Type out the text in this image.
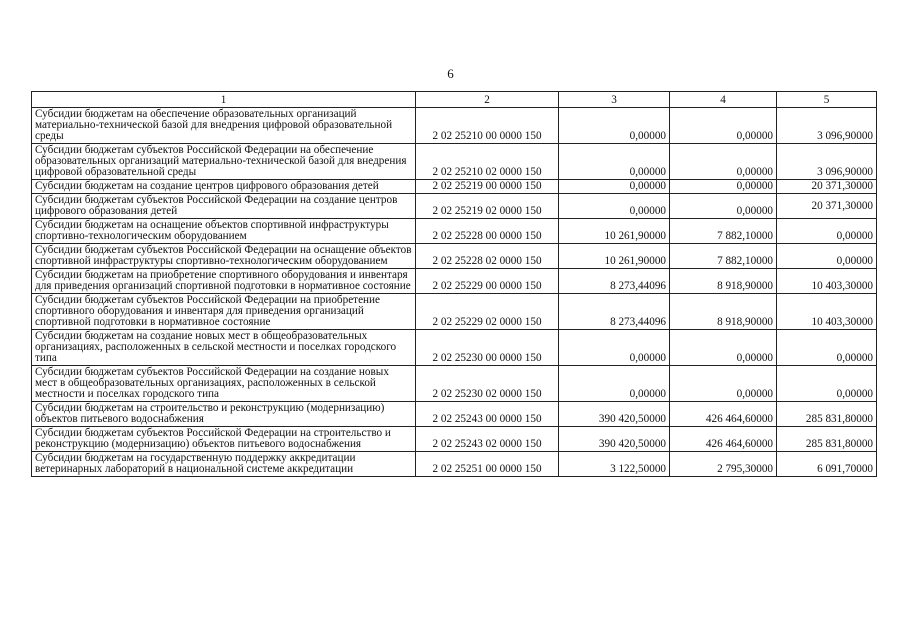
6
1	2	3	4	5
Субсидии бюджетам на обеспечение образовательных организаций материально-технической базой для внедрения цифровой образовательной среды	2 02 25210 00 0000 150	0,00000	0,00000	3 096,90000
Субсидии бюджетам субъектов Российской Федерации на обеспечение образовательных организаций материально-технической базой для внедрения цифровой образовательной среды	2 02 25210 02 0000 150	0,00000	0,00000	3 096,90000
Субсидии бюджетам на создание центров цифрового образования детей	2 02 25219 00 0000 150	0,00000	0,00000	20 371,30000
Субсидии бюджетам субъектов Российской Федерации на создание центров цифрового образования детей	2 02 25219 02 0000 150	0,00000	0,00000	20 371,30000
Субсидии бюджетам на оснащение объектов спортивной инфраструктуры спортивно-технологическим оборудованием	2 02 25228 00 0000 150	10 261,90000	7 882,10000	0,00000
Субсидии бюджетам субъектов Российской Федерации на оснащение объектов спортивной инфраструктуры спортивно-технологическим оборудованием	2 02 25228 02 0000 150	10 261,90000	7 882,10000	0,00000
Субсидии бюджетам на приобретение спортивного оборудования и инвентаря для приведения организаций спортивной подготовки в нормативное состояние	2 02 25229 00 0000 150	8 273,44096	8 918,90000	10 403,30000
Субсидии бюджетам субъектов Российской Федерации на приобретение спортивного оборудования и инвентаря для приведения организаций спортивной подготовки в нормативное состояние	2 02 25229 02 0000 150	8 273,44096	8 918,90000	10 403,30000
Субсидии бюджетам на создание новых мест в общеобразовательных организациях, расположенных в сельской местности и поселках городского типа	2 02 25230 00 0000 150	0,00000	0,00000	0,00000
Субсидии бюджетам субъектов Российской Федерации на создание новых мест в общеобразовательных организациях, расположенных в сельской местности и поселках городского типа	2 02 25230 02 0000 150	0,00000	0,00000	0,00000
Субсидии бюджетам на строительство и реконструкцию (модернизацию) объектов питьевого водоснабжения	2 02 25243 00 0000 150	390 420,50000	426 464,60000	285 831,80000
Субсидии бюджетам субъектов Российской Федерации на строительство и реконструкцию (модернизацию) объектов питьевого водоснабжения	2 02 25243 02 0000 150	390 420,50000	426 464,60000	285 831,80000
Субсидии бюджетам на государственную поддержку аккредитации ветеринарных лабораторий в национальной системе аккредитации	2 02 25251 00 0000 150	3 122,50000	2 795,30000	6 091,70000
